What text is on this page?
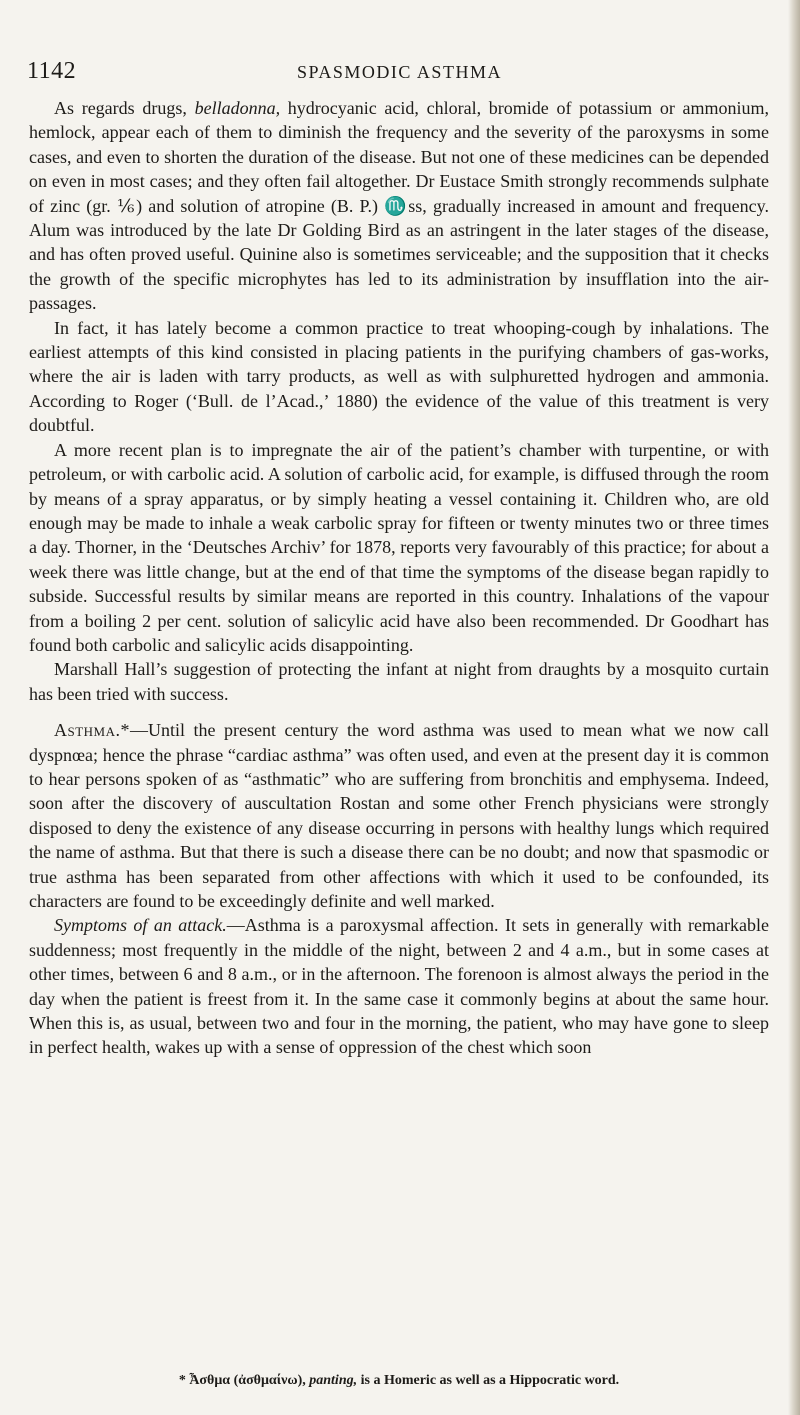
1142	SPASMODIC ASTHMA

As regards drugs, belladonna, hydrocyanic acid, chloral, bromide of potassium or ammonium, hemlock, appear each of them to diminish the frequency and the severity of the paroxysms in some cases, and even to shorten the duration of the disease. But not one of these medicines can be depended on even in most cases; and they often fail altogether. Dr Eustace Smith strongly recommends sulphate of zinc (gr. ⅙) and solution of atropine (B. P.) ♏ss, gradually increased in amount and frequency. Alum was introduced by the late Dr Golding Bird as an astringent in the later stages of the disease, and has often proved useful. Quinine also is sometimes serviceable; and the supposition that it checks the growth of the specific microphytes has led to its administration by insufflation into the air-passages.

In fact, it has lately become a common practice to treat whooping-cough by inhalations. The earliest attempts of this kind consisted in placing patients in the purifying chambers of gas-works, where the air is laden with tarry products, as well as with sulphuretted hydrogen and ammonia. According to Roger (‘Bull. de l’Acad.,’ 1880) the evidence of the value of this treatment is very doubtful.

A more recent plan is to impregnate the air of the patient’s chamber with turpentine, or with petroleum, or with carbolic acid. A solution of carbolic acid, for example, is diffused through the room by means of a spray apparatus, or by simply heating a vessel containing it. Children who, are old enough may be made to inhale a weak carbolic spray for fifteen or twenty minutes two or three times a day. Thorner, in the ‘Deutsches Archiv’ for 1878, reports very favourably of this practice; for about a week there was little change, but at the end of that time the symptoms of the disease began rapidly to subside. Successful results by similar means are reported in this country. Inhalations of the vapour from a boiling 2 per cent. solution of salicylic acid have also been recommended. Dr Goodhart has found both carbolic and salicylic acids disappointing.

Marshall Hall’s suggestion of protecting the infant at night from draughts by a mosquito curtain has been tried with success.

Asthma.*—Until the present century the word asthma was used to mean what we now call dyspnœa; hence the phrase “cardiac asthma” was often used, and even at the present day it is common to hear persons spoken of as “asthmatic” who are suffering from bronchitis and emphysema. Indeed, soon after the discovery of auscultation Rostan and some other French physicians were strongly disposed to deny the existence of any disease occurring in persons with healthy lungs which required the name of asthma. But that there is such a disease there can be no doubt; and now that spasmodic or true asthma has been separated from other affections with which it used to be confounded, its characters are found to be exceedingly definite and well marked.

Symptoms of an attack.—Asthma is a paroxysmal affection. It sets in generally with remarkable suddenness; most frequently in the middle of the night, between 2 and 4 a.m., but in some cases at other times, between 6 and 8 a.m., or in the afternoon. The forenoon is almost always the period in the day when the patient is freest from it. In the same case it commonly begins at about the same hour. When this is, as usual, between two and four in the morning, the patient, who may have gone to sleep in perfect health, wakes up with a sense of oppression of the chest which soon

* Ἆσθμα (ἀσθμαίνω), panting, is a Homeric as well as a Hippocratic word.
